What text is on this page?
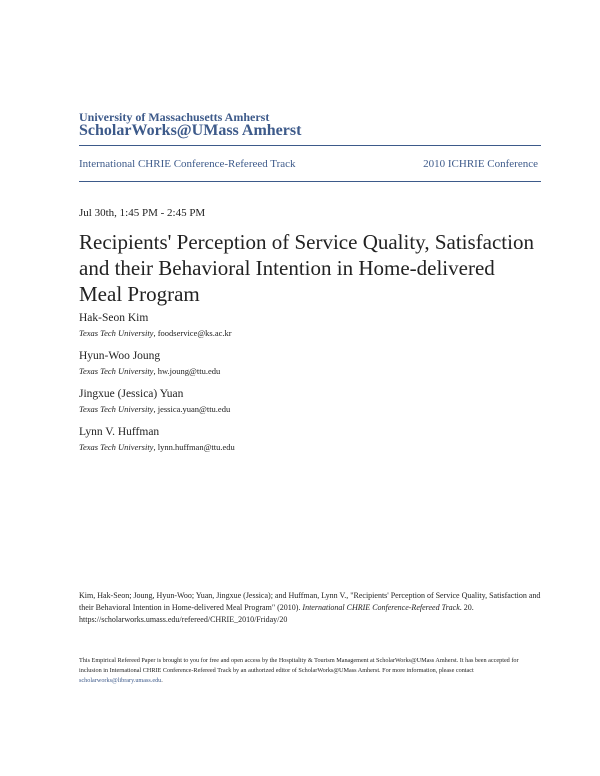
University of Massachusetts Amherst
ScholarWorks@UMass Amherst
International CHRIE Conference-Refereed Track	2010 ICHRIE Conference
Jul 30th, 1:45 PM - 2:45 PM
Recipients' Perception of Service Quality, Satisfaction and their Behavioral Intention in Home-delivered Meal Program
Hak-Seon Kim
Texas Tech University, foodservice@ks.ac.kr
Hyun-Woo Joung
Texas Tech University, hw.joung@ttu.edu
Jingxue (Jessica) Yuan
Texas Tech University, jessica.yuan@ttu.edu
Lynn V. Huffman
Texas Tech University, lynn.huffman@ttu.edu
Kim, Hak-Seon; Joung, Hyun-Woo; Yuan, Jingxue (Jessica); and Huffman, Lynn V., "Recipients' Perception of Service Quality, Satisfaction and their Behavioral Intention in Home-delivered Meal Program" (2010). International CHRIE Conference-Refereed Track. 20.
https://scholarworks.umass.edu/refereed/CHRIE_2010/Friday/20
This Empirical Refereed Paper is brought to you for free and open access by the Hospitality & Tourism Management at ScholarWorks@UMass Amherst. It has been accepted for inclusion in International CHRIE Conference-Refereed Track by an authorized editor of ScholarWorks@UMass Amherst. For more information, please contact scholarworks@library.umass.edu.
